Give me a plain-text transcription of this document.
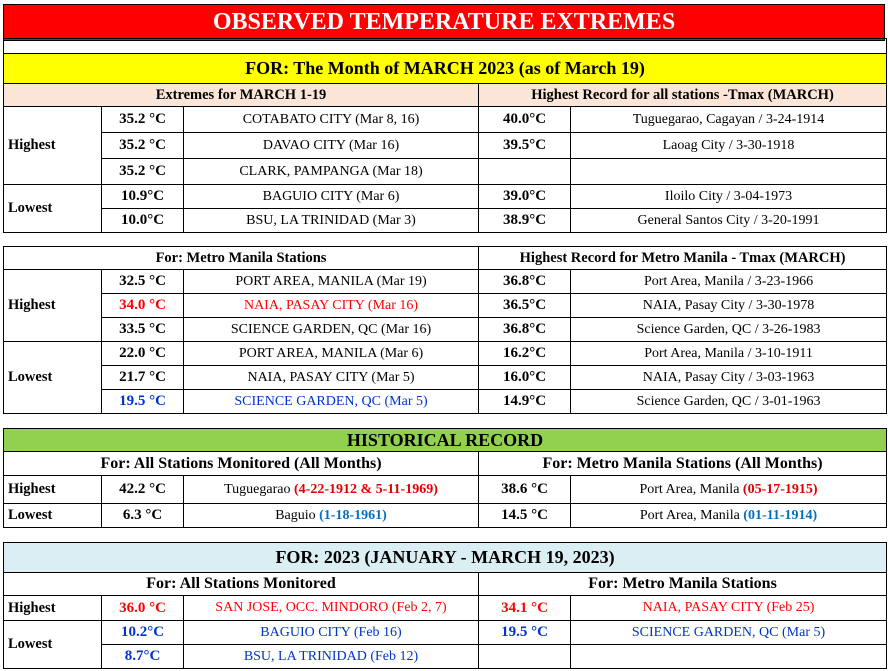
OBSERVED TEMPERATURE EXTREMES

FOR: The Month of MARCH 2023 (as of March 19)				
Extremes for MARCH 1-19			Highest Record for all stations -Tmax (MARCH)	
Highest	35.2 °C	COTABATO CITY (Mar 8, 16)	40.0°C	Tuguegarao, Cagayan / 3-24-1914
	35.2 °C	DAVAO CITY (Mar 16)	39.5°C	Laoag City / 3-30-1918
	35.2 °C	CLARK, PAMPANGA (Mar 18)		
Lowest	10.9°C	BAGUIO CITY (Mar 6)	39.0°C	Iloilo City / 3-04-1973
	10.0°C	BSU, LA TRINIDAD (Mar 3)	38.9°C	General Santos City / 3-20-1991
For: Metro Manila Stations			Highest Record for Metro Manila - Tmax (MARCH)	
Highest	32.5 °C	PORT AREA, MANILA (Mar 19)	36.8°C	Port Area, Manila / 3-23-1966
	34.0 °C	NAIA, PASAY CITY (Mar 16)	36.5°C	NAIA, Pasay City / 3-30-1978
	33.5 °C	SCIENCE GARDEN, QC (Mar 16)	36.8°C	Science Garden, QC / 3-26-1983
Lowest	22.0 °C	PORT AREA, MANILA (Mar 6)	16.2°C	Port Area, Manila / 3-10-1911
	21.7 °C	NAIA, PASAY CITY (Mar 5)	16.0°C	NAIA, Pasay City / 3-03-1963
	19.5 °C	SCIENCE GARDEN, QC (Mar 5)	14.9°C	Science Garden, QC / 3-01-1963
HISTORICAL RECORD				
For: All Stations Monitored (All Months)			For: Metro Manila Stations (All Months)	
Highest	42.2 °C	Tuguegarao (4-22-1912 & 5-11-1969)	38.6 °C	Port Area, Manila (05-17-1915)
Lowest	6.3 °C	Baguio (1-18-1961)	14.5 °C	Port Area, Manila (01-11-1914)
FOR: 2023 (JANUARY - MARCH 19, 2023)				
For: All Stations Monitored			For: Metro Manila Stations	
Highest	36.0 °C	SAN JOSE, OCC. MINDORO (Feb 2, 7)	34.1 °C	NAIA, PASAY CITY (Feb 25)
Lowest	10.2°C	BAGUIO CITY (Feb 16)	19.5 °C	SCIENCE GARDEN, QC (Mar 5)
	8.7°C	BSU, LA TRINIDAD (Feb 12)		
